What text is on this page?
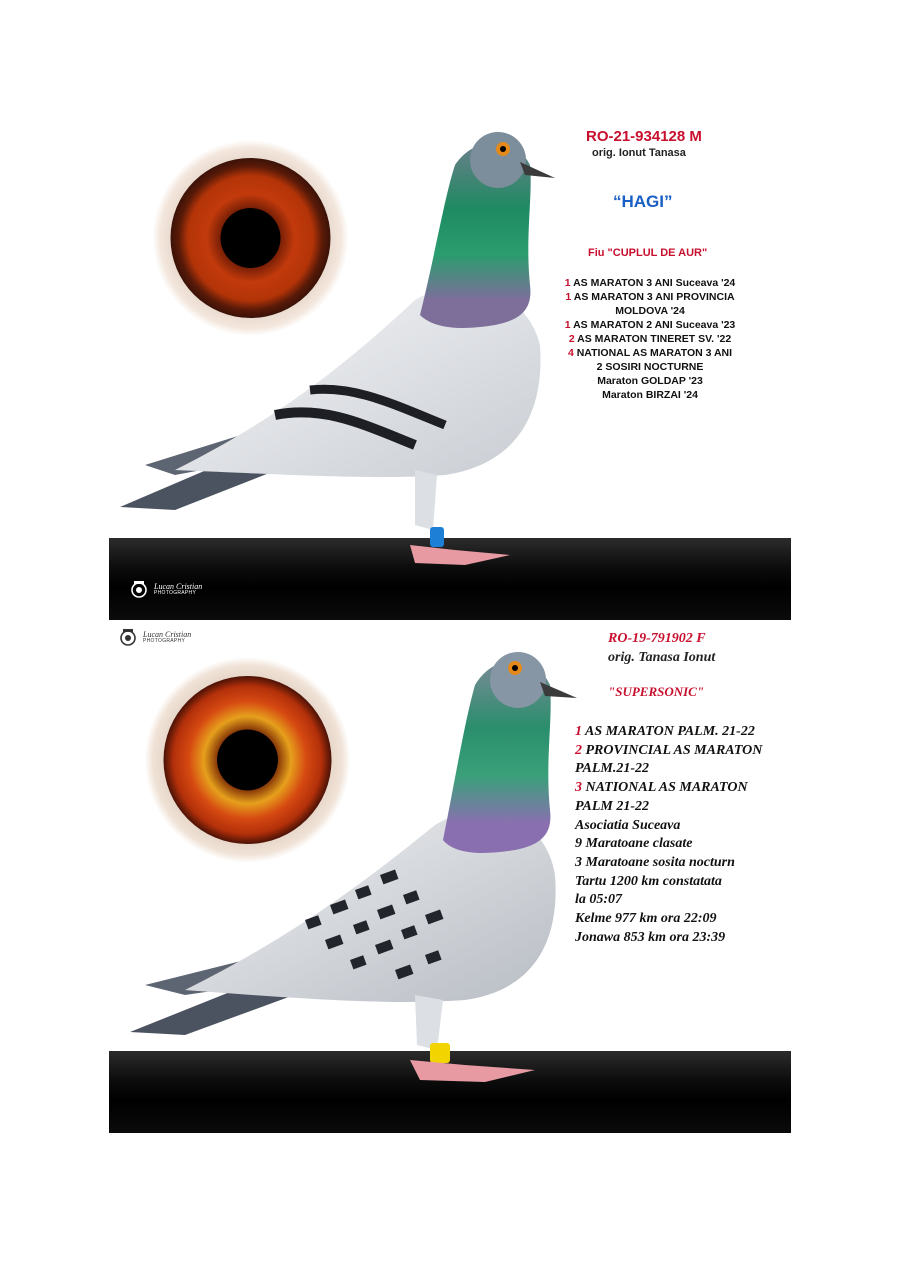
Lucan Cristian
PHOTOGRAPHY
RO-21-934128 M
orig. Ionut Tanasa
Fiu "CUPLUL DE AUR"
1 AS MARATON 3 ANI Suceava '24
1 AS MARATON 3 ANI PROVINCIA
MOLDOVA '24
1 AS MARATON 2 ANI Suceava '23
2 AS MARATON TINERET SV. '22
4 NATIONAL AS MARATON 3 ANI
2 SOSIRI NOCTURNE
Maraton GOLDAP '23
Maraton BIRZAI '24
“HAGI”
Lucan Cristian
PHOTOGRAPHY	RO-19-791902 F
orig. Tanasa Ionut
"SUPERSONIC"
1 AS MARATON PALM. 21-22
2 PROVINCIAL AS MARATON
PALM.21-22
3 NATIONAL AS MARATON
PALM 21-22
Asociatia Suceava
9 Maratoane clasate
3 Maratoane sosita nocturn
Tartu 1200 km constatata
la 05:07
Kelme 977 km ora 22:09
Jonawa 853 km ora 23:39
